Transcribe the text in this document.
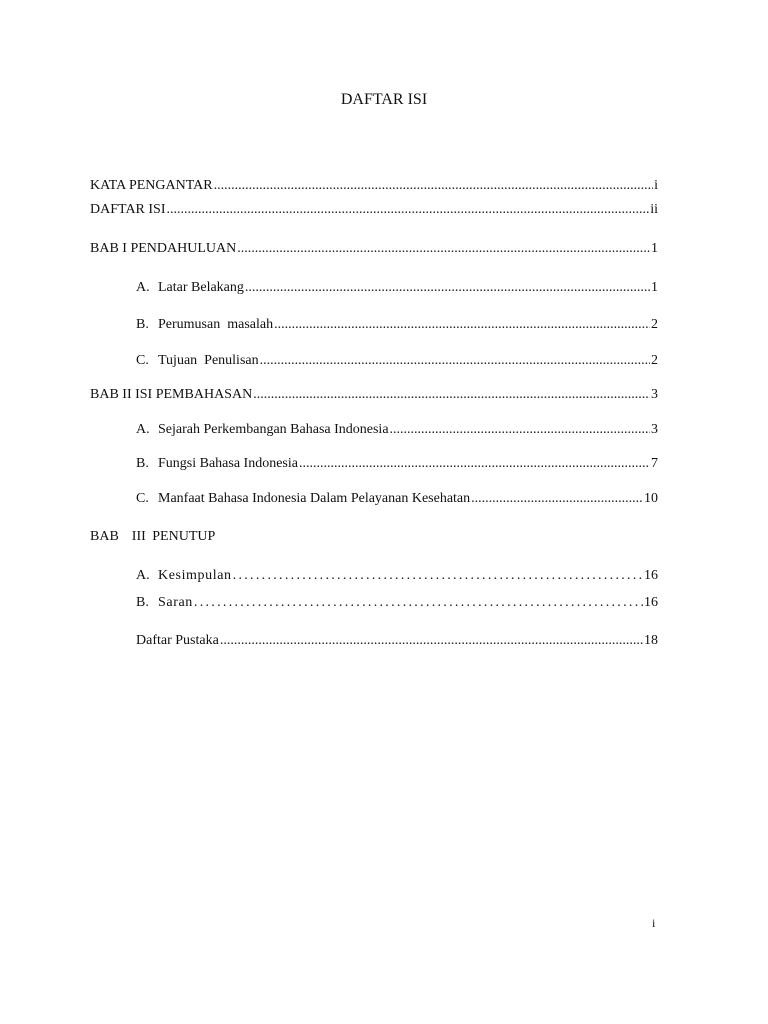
DAFTAR ISI
KATA PENGANTAR .....	i
DAFTAR ISI .....	ii
BAB I PENDAHULUAN .....	1
A. Latar Belakang .....	1
B. Perumusan  masalah .....	2
C. Tujuan  Penulisan .....	2
BAB II ISI PEMBAHASAN .....	3
A. Sejarah Perkembangan Bahasa Indonesia .....	3
B. Fungsi Bahasa Indonesia .....	7
C. Manfaat Bahasa Indonesia Dalam Pelayanan Kesehatan .....	10
BAB  III PENUTUP
A. Kesimpulan .....	16
B. Saran .....	16
Daftar Pustaka .....	18
i
